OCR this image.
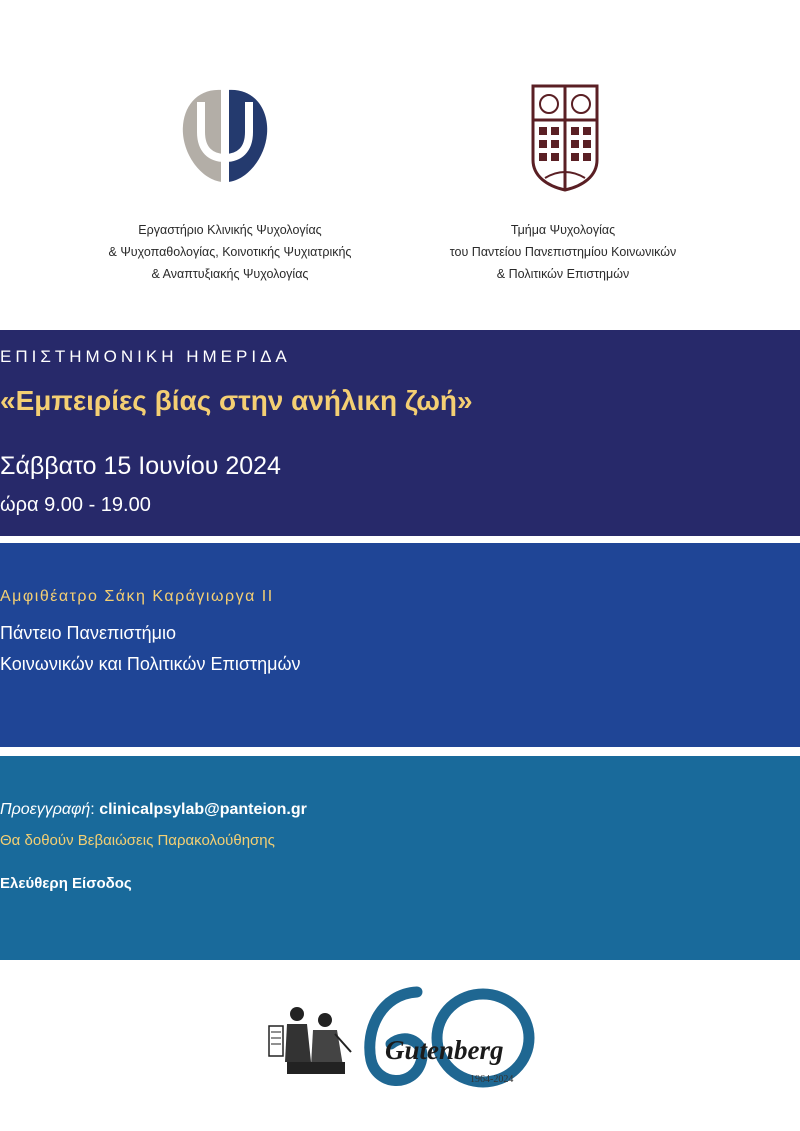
Εργαστήριο Κλινικής Ψυχολογίας
& Ψυχοπαθολογίας, Κοινοτικής Ψυχιατρικής
& Αναπτυξιακής Ψυχολογίας
Τμήμα Ψυχολογίας
του Παντείου Πανεπιστημίου Κοινωνικών
& Πολιτικών Επιστημών
ΕΠΙΣΤΗΜΟΝΙΚΗ ΗΜΕΡΙΔΑ
«Εμπειρίες βίας στην ανήλικη ζωή»
Σάββατο 15 Ιουνίου 2024
ώρα 9.00 - 19.00
Αμφιθέατρο Σάκη Καράγιωργα ΙΙ
Πάντειο Πανεπιστήμιο
Κοινωνικών και Πολιτικών Επιστημών
Προεγγραφή: clinicalpsylab@panteion.gr
Θα δοθούν Βεβαιώσεις Παρακολούθησης
Ελεύθερη Είσοδος
Gutenberg
1964-2024
